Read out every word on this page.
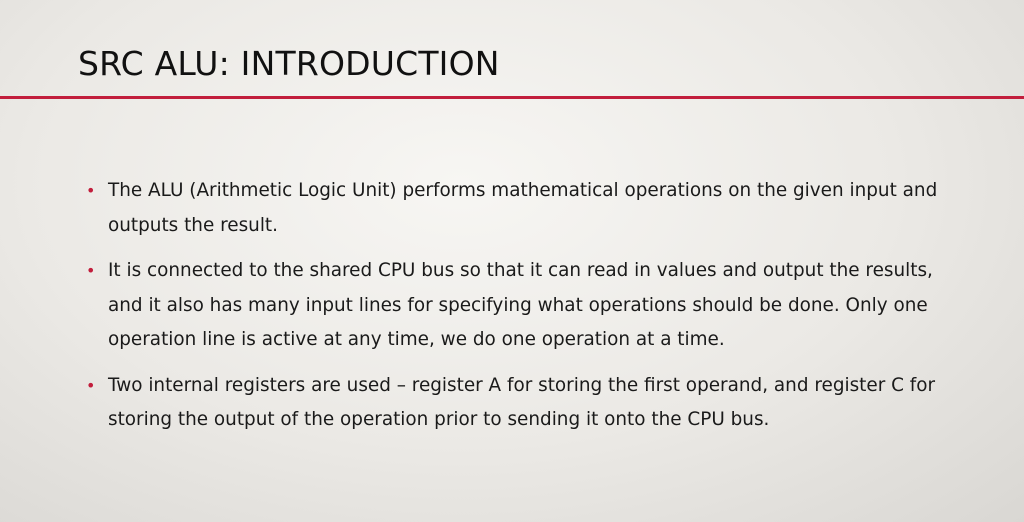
SRC ALU: INTRODUCTION
• The ALU (Arithmetic Logic Unit) performs mathematical operations on the given input and outputs the result.
• It is connected to the shared CPU bus so that it can read in values and output the results, and it also has many input lines for specifying what operations should be done. Only one operation line is active at any time, we do one operation at a time.
• Two internal registers are used – register A for storing the first operand, and register C for storing the output of the operation prior to sending it onto the CPU bus.
